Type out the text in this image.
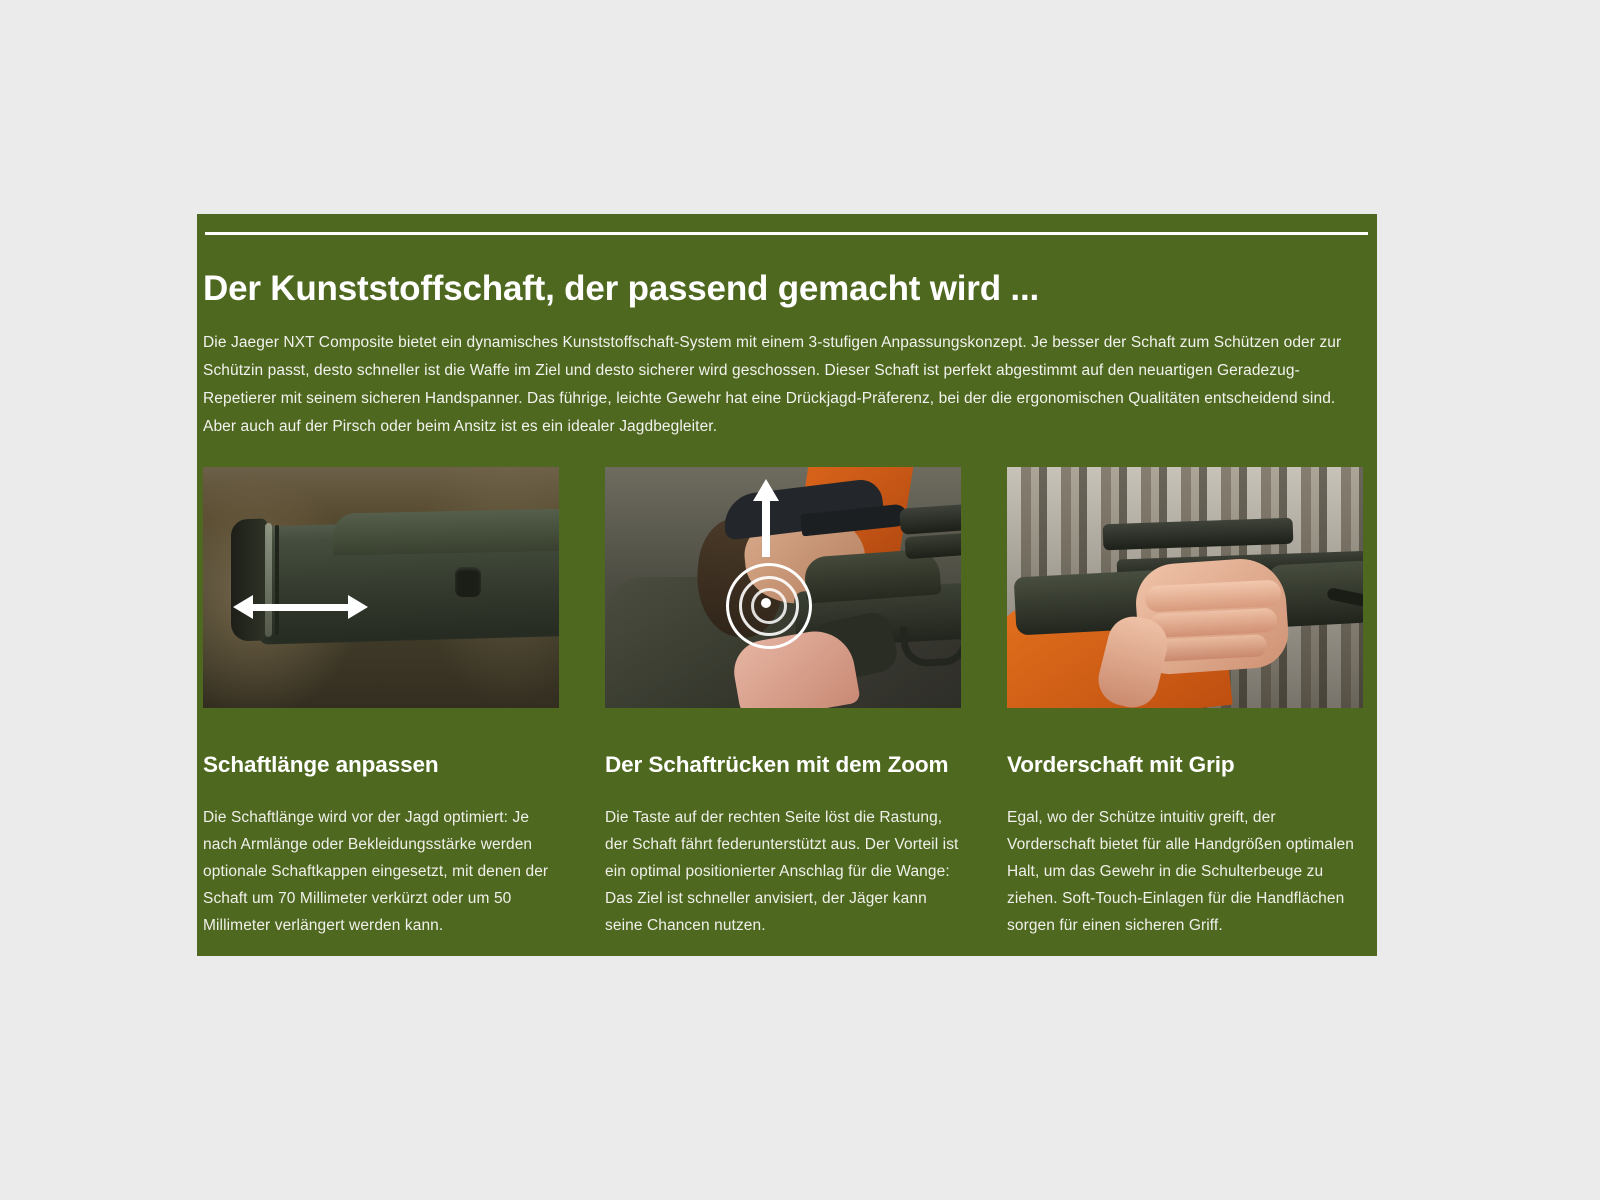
Der Kunststoffschaft, der passend gemacht wird ...

Die Jaeger NXT Composite bietet ein dynamisches Kunststoffschaft-System mit einem 3-stufigen Anpassungskonzept. Je besser der Schaft zum Schützen oder zur Schützin passt, desto schneller ist die Waffe im Ziel und desto sicherer wird geschossen. Dieser Schaft ist perfekt abgestimmt auf den neuartigen Geradezug-Repetierer mit seinem sicheren Handspanner. Das führige, leichte Gewehr hat eine Drückjagd-Präferenz, bei der die ergonomischen Qualitäten entscheidend sind. Aber auch auf der Pirsch oder beim Ansitz ist es ein idealer Jagdbegleiter.

Schaftlänge anpassen

Die Schaftlänge wird vor der Jagd optimiert: Je nach Armlänge oder Bekleidungsstärke werden optionale Schaftkappen eingesetzt, mit denen der Schaft um 70 Millimeter verkürzt oder um 50 Millimeter verlängert werden kann.

Der Schaftrücken mit dem Zoom

Die Taste auf der rechten Seite löst die Rastung, der Schaft fährt federunterstützt aus. Der Vorteil ist ein optimal positionierter Anschlag für die Wange: Das Ziel ist schneller anvisiert, der Jäger kann seine Chancen nutzen.

Vorderschaft mit Grip

Egal, wo der Schütze intuitiv greift, der Vorderschaft bietet für alle Handgrößen optimalen Halt, um das Gewehr in die Schulterbeuge zu ziehen. Soft-Touch-Einlagen für die Handflächen sorgen für einen sicheren Griff.
